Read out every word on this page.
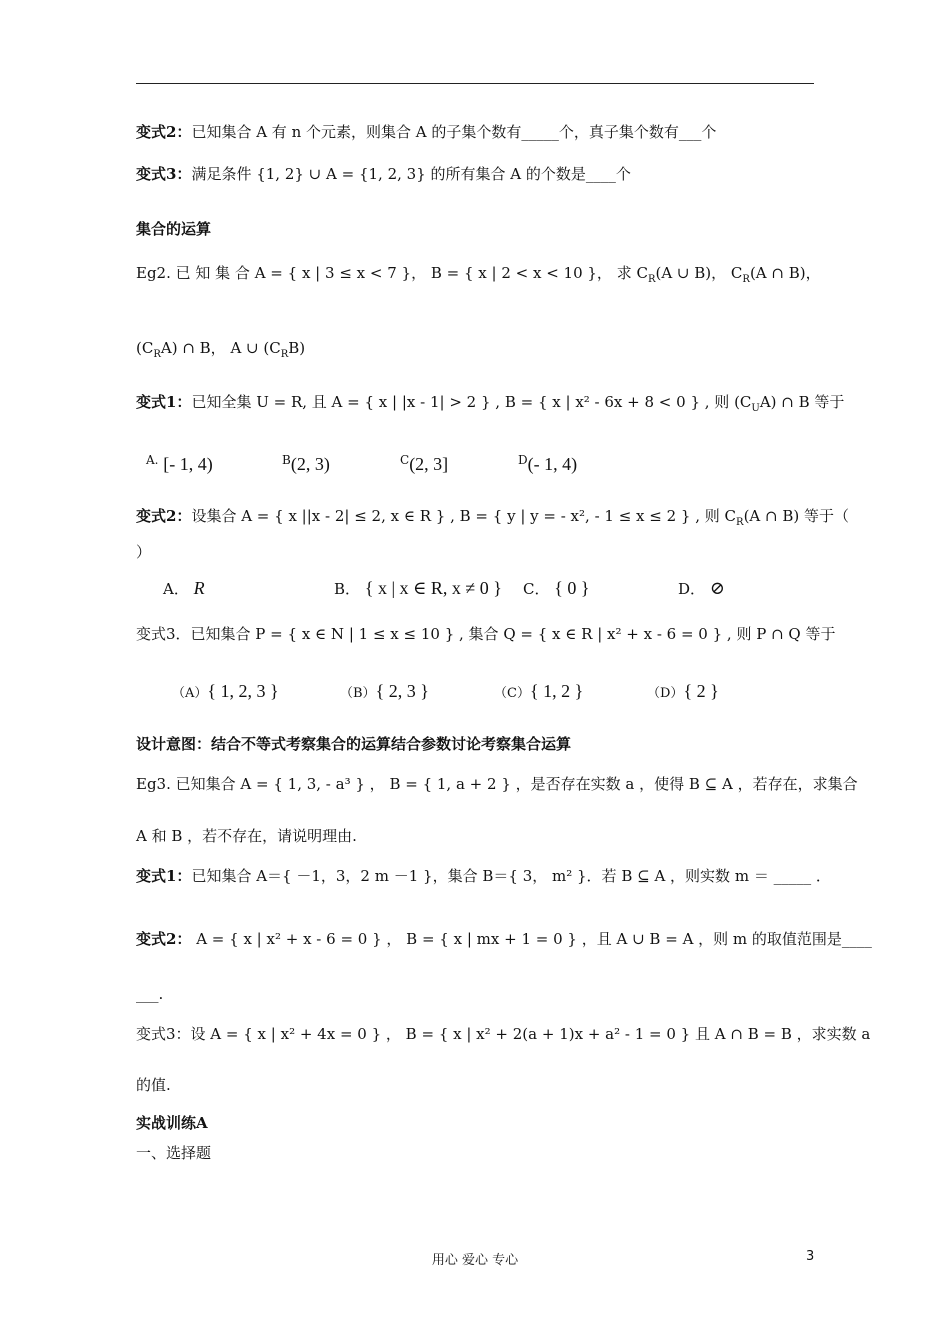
变式2：已知集合 A 有 n 个元素，则集合 A 的子集个数有_____个，真子集个数有___个
变式3：满足条件 {1, 2} ∪ A = {1, 2, 3} 的所有集合 A 的个数是____个
集合的运算
Eg2. 已 知 集 合 A = { x | 3 ≤ x < 7 }， B = { x | 2 < x < 10 }， 求 $C_R(A$ ∪ B)， $C_R(A$ ∩ B)，
$(C_RA)$ ∩ B， A ∪ $(C_RB)$
变式1：已知全集 U = R, 且 A = { x | |x - 1| > 2 } , B = { x | x² - 6x + 8 < 0 } , 则 $(C_UA)$ ∩ B 等于
$^{A.}$ [- 1, 4)	$^B$(2, 3)	$^C$(2, 3]	$^D$(- 1, 4)
变式2：设集合 A = { x ||x - 2| ≤ 2, x ∈ R } , B = { y | y = - x², - 1 ≤ x ≤ 2 } , 则 $C_R(A$ ∩ B) 等于（
）
A． R	B． { x | x ∈ R, x ≠ 0 } C． { 0 }	D． ⊘
变式3．已知集合 P = { x ∈ N | 1 ≤ x ≤ 10 } , 集合 Q = { x ∈ R | x² + x - 6 = 0 } , 则 P ∩ Q 等于
（A）{ 1, 2, 3 }	（B）{ 2, 3 }	（C）{ 1, 2 }	（D）{ 2 }
设计意图：结合不等式考察集合的运算结合参数讨论考察集合运算
Eg3. 已知集合 A = { 1, 3, - a³ } ， B = { 1, a + 2 } ，是否存在实数 a ，使得 B ⊆ A ，若存在，求集合
A 和 B ，若不存在，请说明理由.
变式1：已知集合 A＝{ －1，3，2 m －1 }，集合 B＝{ 3， m² }．若 B ⊆ A ，则实数 m ＝ _____ ．
变式2： A = { x | x² + x - 6 = 0 } ， B = { x | mx + 1 = 0 } ，且 A ∪ B = A ，则 m 的取值范围是____
___.
变式3：设 A = { x | x² + 4x = 0 } ， B = { x | x² + 2(a + 1)x + a² - 1 = 0 } 且 A ∩ B = B ，求实数 a
的值.
实战训练A
一、选择题
用心 爱心 专心	3
